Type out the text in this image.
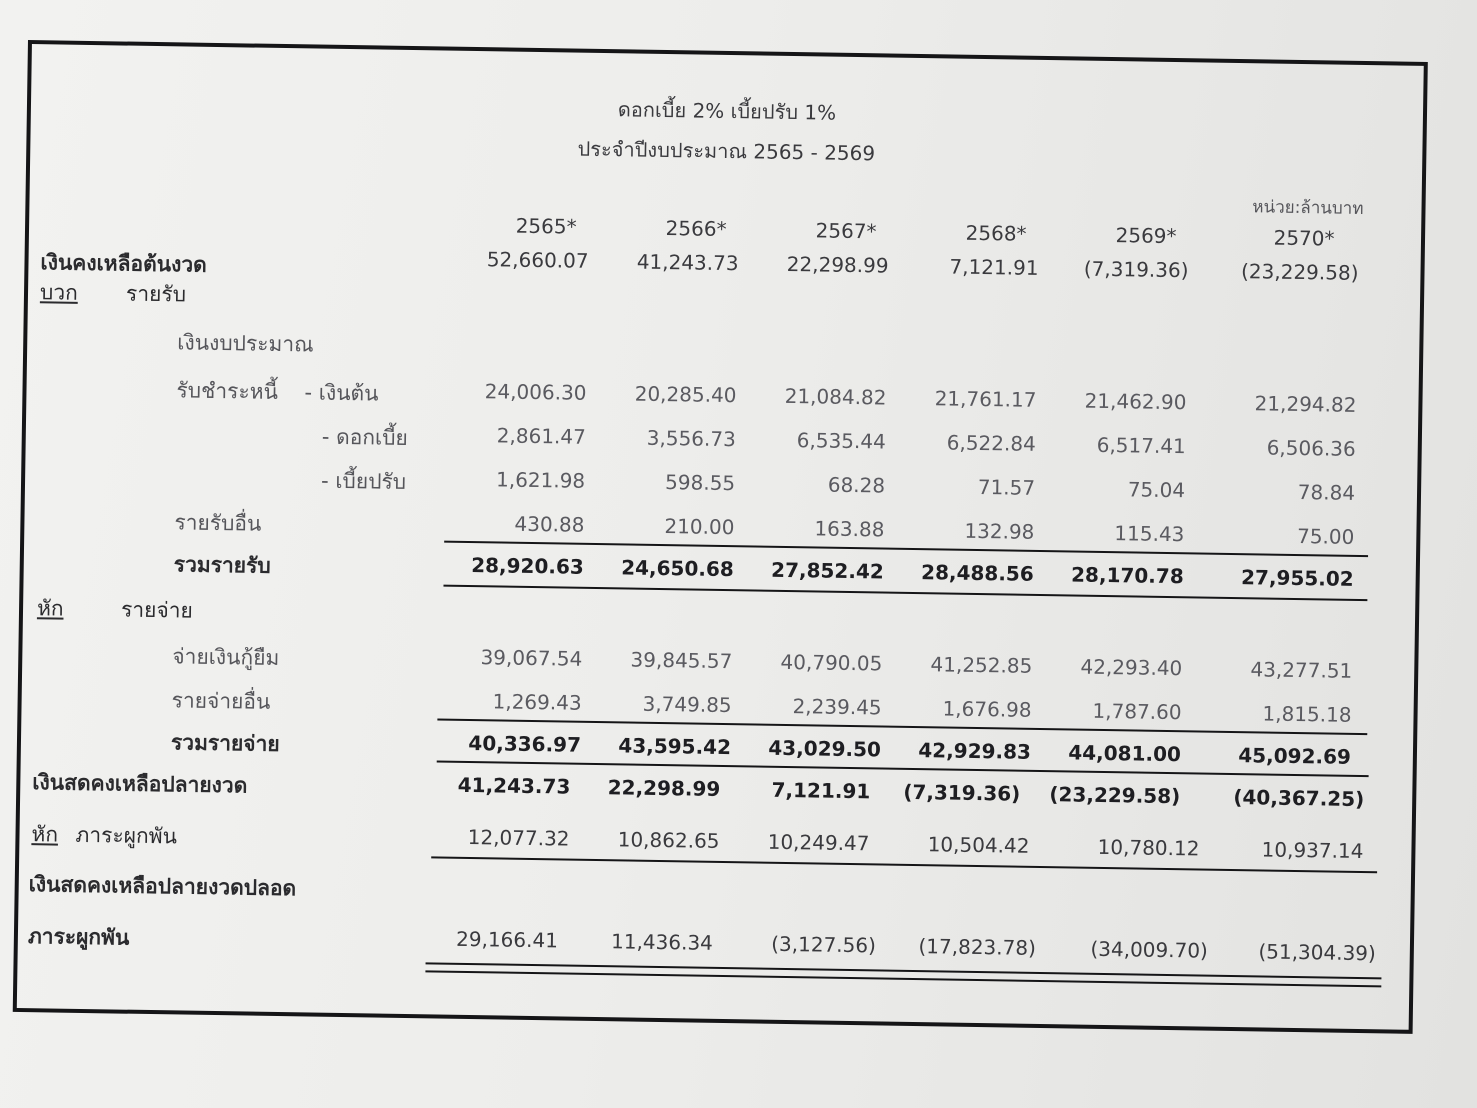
ดอกเบี้ย 2% เบี้ยปรับ 1%
ประจำปีงบประมาณ 2565 - 2569
หน่วย:ล้านบาท
2565*	2566*	2567*	2568*	2569*	2570*
เงินคงเหลือต้นงวด	52,660.07	41,243.73	22,298.99	7,121.91	(7,319.36)	(23,229.58)
บวก รายรับ
เงินงบประมาณ
รับชำระหนี้ - เงินต้น	24,006.30	20,285.40	21,084.82	21,761.17	21,462.90	21,294.82
- ดอกเบี้ย	2,861.47	3,556.73	6,535.44	6,522.84	6,517.41	6,506.36
- เบี้ยปรับ	1,621.98	598.55	68.28	71.57	75.04	78.84
รายรับอื่น	430.88	210.00	163.88	132.98	115.43	75.00
รวมรายรับ	28,920.63	24,650.68	27,852.42	28,488.56	28,170.78	27,955.02
หัก	รายจ่าย
จ่ายเงินกู้ยืม	39,067.54	39,845.57	40,790.05	41,252.85	42,293.40	43,277.51
รายจ่ายอื่น	1,269.43	3,749.85	2,239.45	1,676.98	1,787.60	1,815.18
รวมรายจ่าย	40,336.97	43,595.42	43,029.50	42,929.83	44,081.00	45,092.69
เงินสดคงเหลือปลายงวด	41,243.73	22,298.99	7,121.91	(7,319.36)	(23,229.58)	(40,367.25)
หัก ภาระผูกพัน	12,077.32	10,862.65	10,249.47	10,504.42	10,780.12	10,937.14
เงินสดคงเหลือปลายงวดปลอด
ภาระผูกพัน	29,166.41	11,436.34	(3,127.56)	(17,823.78)	(34,009.70)	(51,304.39)
